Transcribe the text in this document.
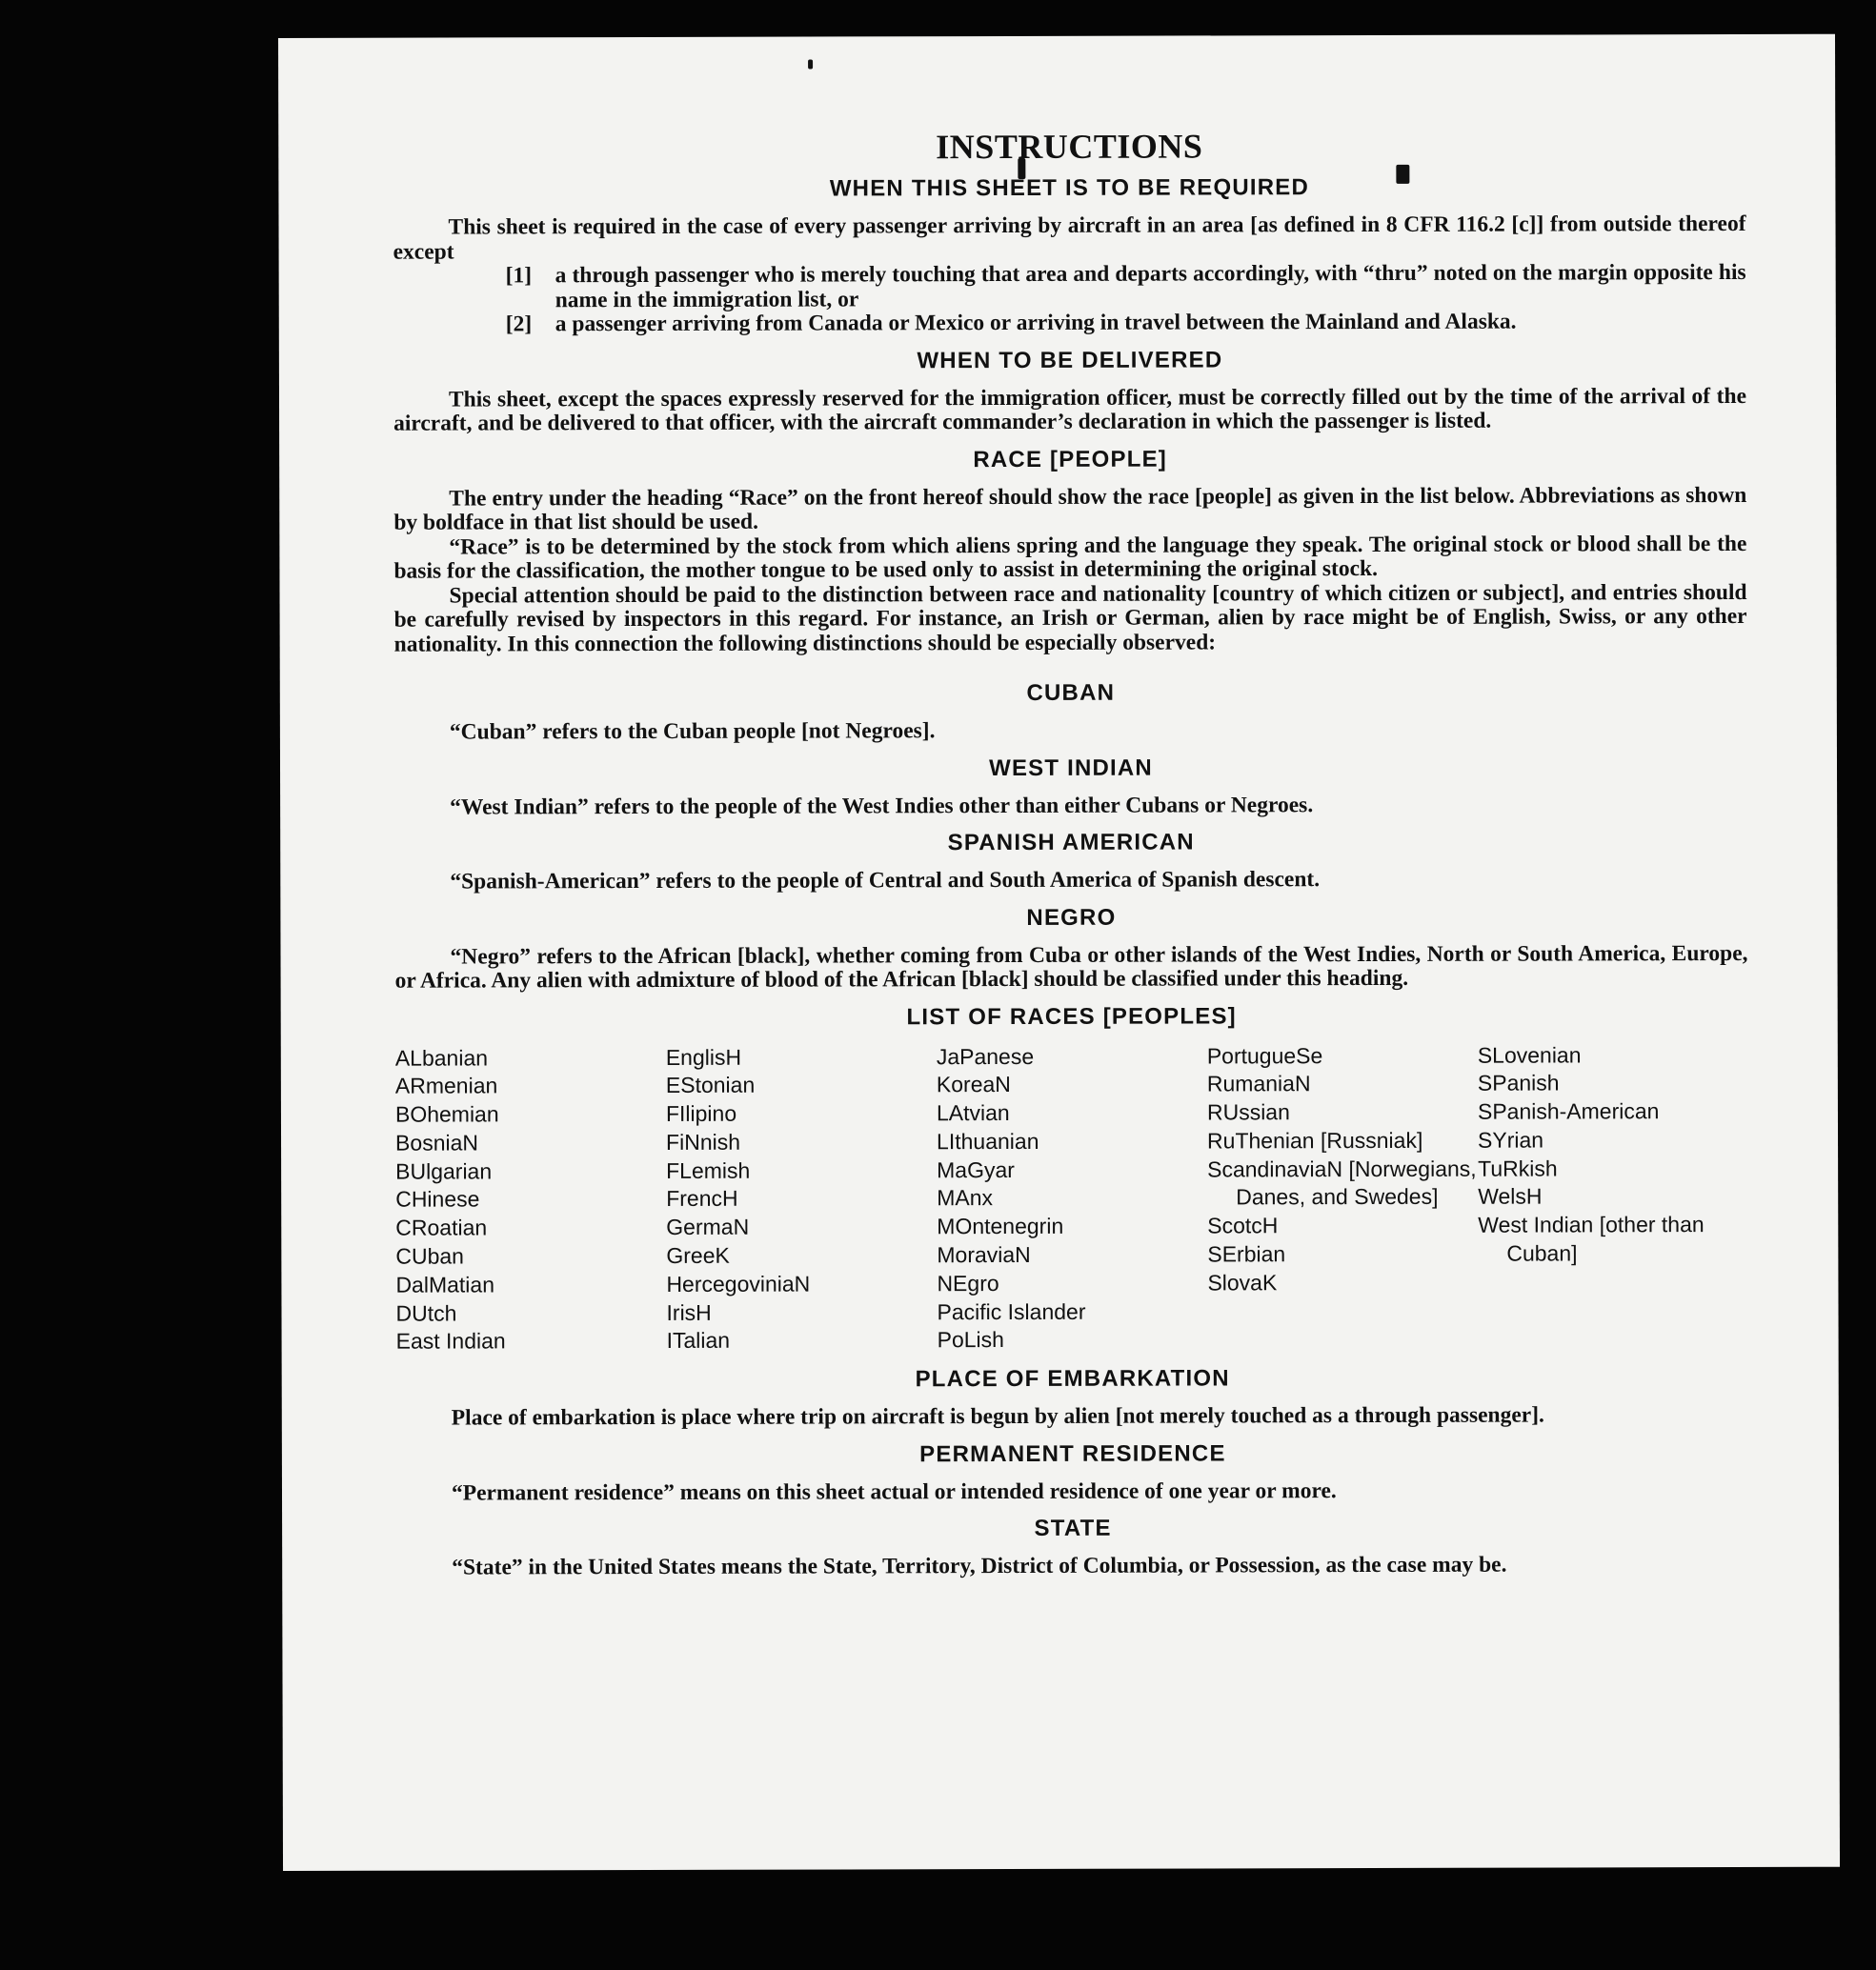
INSTRUCTIONS
WHEN THIS SHEET IS TO BE REQUIRED

This sheet is required in the case of every passenger arriving by aircraft in an area [as defined in 8 CFR 116.2 [c]] from outside thereof except

[1]	a through passenger who is merely touching that area and departs accordingly, with “thru” noted on the margin opposite his name in the immigration list, or
[2]	a passenger arriving from Canada or Mexico or arriving in travel between the Mainland and Alaska.
WHEN TO BE DELIVERED

This sheet, except the spaces expressly reserved for the immigration officer, must be correctly filled out by the time of the arrival of the aircraft, and be delivered to that officer, with the aircraft commander’s declaration in which the passenger is listed.

RACE [PEOPLE]

The entry under the heading “Race” on the front hereof should show the race [people] as given in the list below. Abbreviations as shown by boldface in that list should be used.

“Race” is to be determined by the stock from which aliens spring and the language they speak. The original stock or blood shall be the basis for the classification, the mother tongue to be used only to assist in determining the original stock.

Special attention should be paid to the distinction between race and nationality [country of which citizen or subject], and entries should be carefully revised by inspectors in this regard. For instance, an Irish or German, alien by race might be of English, Swiss, or any other nationality. In this connection the following distinctions should be especially observed:

CUBAN

“Cuban” refers to the Cuban people [not Negroes].

WEST INDIAN

“West Indian” refers to the people of the West Indies other than either Cubans or Negroes.

SPANISH AMERICAN

“Spanish-American” refers to the people of Central and South America of Spanish descent.

NEGRO

“Negro” refers to the African [black], whether coming from Cuba or other islands of the West Indies, North or South America, Europe, or Africa. Any alien with admixture of blood of the African [black] should be classified under this heading.

LIST OF RACES [PEOPLES]
ALbanian
ARmenian
BOhemian
BosniaN
BUlgarian
CHinese
CRoatian
CUban
DalMatian
DUtch
East Indian
EnglisH
EStonian
FIlipino
FiNnish
FLemish
FrencH
GermaN
GreeK
HercegoviniaN
IrisH
ITalian
JaPanese
KoreaN
LAtvian
LIthuanian
MaGyar
MAnx
MOntenegrin
MoraviaN
NEgro
Pacific Islander
PoLish
PortugueSe
RumaniaN
RUssian
RuThenian [Russniak]
ScandinaviaN [Norwegians, Danes, and Swedes]
ScotcH
SErbian
SlovaK
SLovenian
SPanish
SPanish-American
SYrian
TuRkish
WelsH
West Indian [other than Cuban]
PLACE OF EMBARKATION

Place of embarkation is place where trip on aircraft is begun by alien [not merely touched as a through passenger].

PERMANENT RESIDENCE

“Permanent residence” means on this sheet actual or intended residence of one year or more.

STATE

“State” in the United States means the State, Territory, District of Columbia, or Possession, as the case may be.
